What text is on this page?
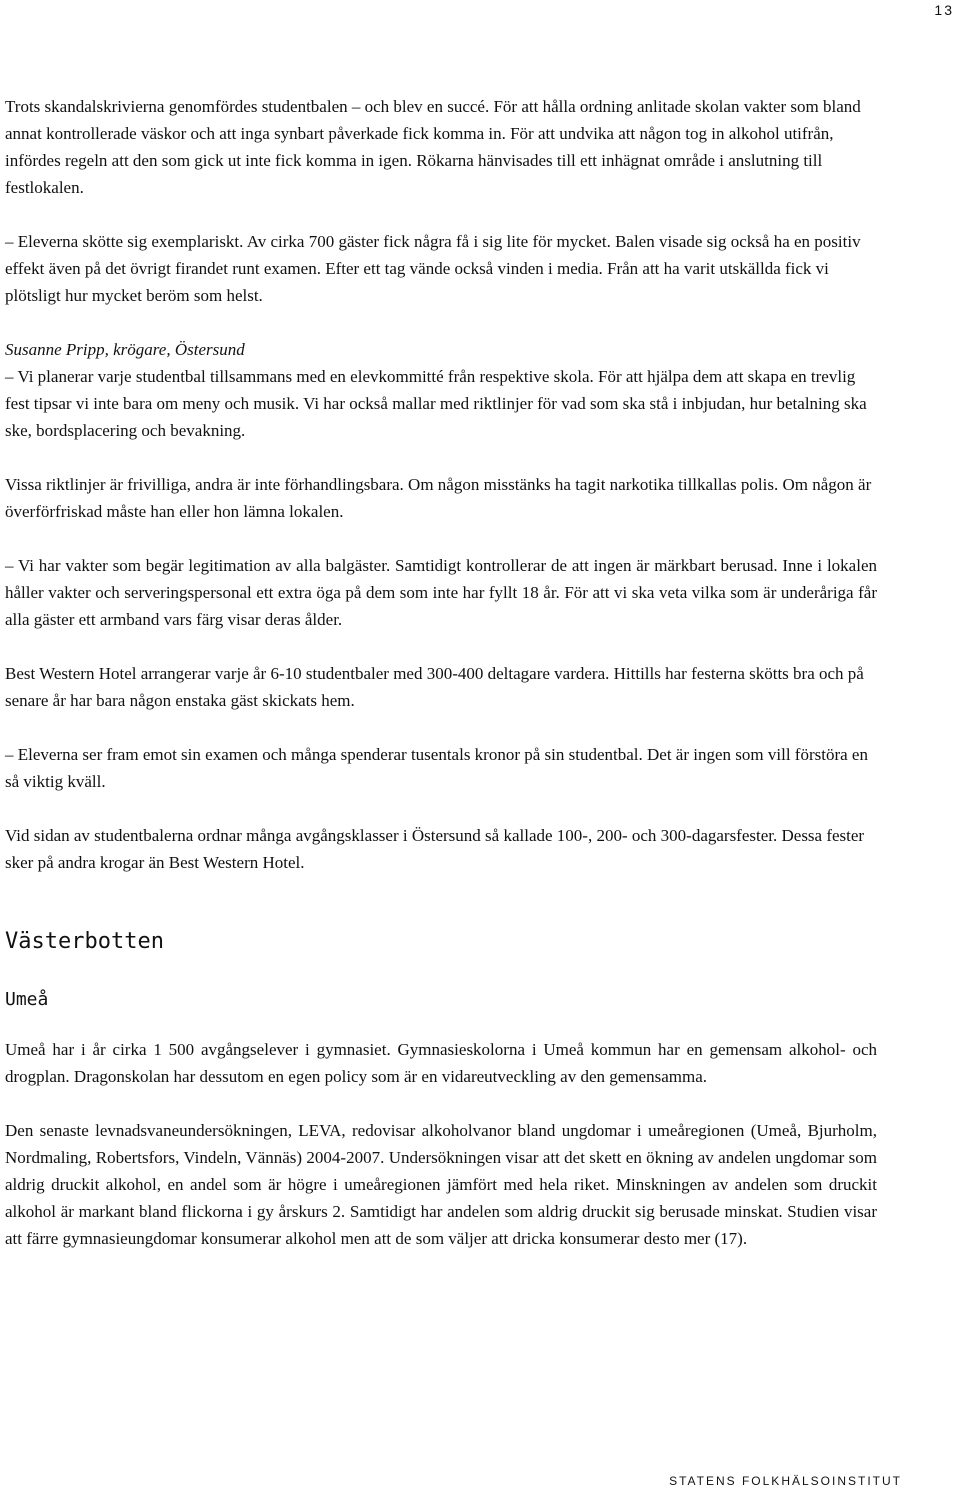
13

Trots skandalskrivierna genomfördes studentbalen – och blev en succé. För att hålla ordning anlitade skolan vakter som bland annat kontrollerade väskor och att inga synbart påverkade fick komma in. För att undvika att någon tog in alkohol utifrån, infördes regeln att den som gick ut inte fick komma in igen. Rökarna hänvisades till ett inhägnat område i anslutning till festlokalen.

– Eleverna skötte sig exemplariskt. Av cirka 700 gäster fick några få i sig lite för mycket. Balen visade sig också ha en positiv effekt även på det övrigt firandet runt examen. Efter ett tag vände också vinden i media. Från att ha varit utskällda fick vi plötsligt hur mycket beröm som helst.

Susanne Pripp, krögare, Östersund

– Vi planerar varje studentbal tillsammans med en elevkommitté från respektive skola. För att hjälpa dem att skapa en trevlig fest tipsar vi inte bara om meny och musik. Vi har också mallar med riktlinjer för vad som ska stå i inbjudan, hur betalning ska ske, bordsplacering och bevakning.

Vissa riktlinjer är frivilliga, andra är inte förhandlingsbara. Om någon misstänks ha tagit narkotika tillkallas polis. Om någon är överförfriskad måste han eller hon lämna lokalen.

– Vi har vakter som begär legitimation av alla balgäster. Samtidigt kontrollerar de att ingen är märkbart berusad. Inne i lokalen håller vakter och serveringspersonal ett extra öga på dem som inte har fyllt 18 år. För att vi ska veta vilka som är underåriga får alla gäster ett armband vars färg visar deras ålder.

Best Western Hotel arrangerar varje år 6-10 studentbaler med 300-400 deltagare vardera. Hittills har festerna skötts bra och på senare år har bara någon enstaka gäst skickats hem.

– Eleverna ser fram emot sin examen och många spenderar tusentals kronor på sin studentbal. Det är ingen som vill förstöra en så viktig kväll.

Vid sidan av studentbalerna ordnar många avgångsklasser i Östersund så kallade 100-, 200- och 300-dagarsfester. Dessa fester sker på andra krogar än Best Western Hotel.

Västerbotten
Umeå

Umeå har i år cirka 1 500 avgångselever i gymnasiet. Gymnasieskolorna i Umeå kommun har en gemensam alkohol- och drogplan. Dragonskolan har dessutom en egen policy som är en vidareutveckling av den gemensamma.

Den senaste levnadsvaneundersökningen, LEVA, redovisar alkoholvanor bland ungdomar i umeåregionen (Umeå, Bjurholm, Nordmaling, Robertsfors, Vindeln, Vännäs) 2004-2007. Undersökningen visar att det skett en ökning av andelen ungdomar som aldrig druckit alkohol, en andel som är högre i umeåregionen jämfört med hela riket. Minskningen av andelen som druckit alkohol är markant bland flickorna i gy årskurs 2. Samtidigt har andelen som aldrig druckit sig berusade minskat. Studien visar att färre gymnasieungdomar konsumerar alkohol men att de som väljer att dricka konsumerar desto mer (17).

STATENS FOLKHÄLSOINSTITUT
